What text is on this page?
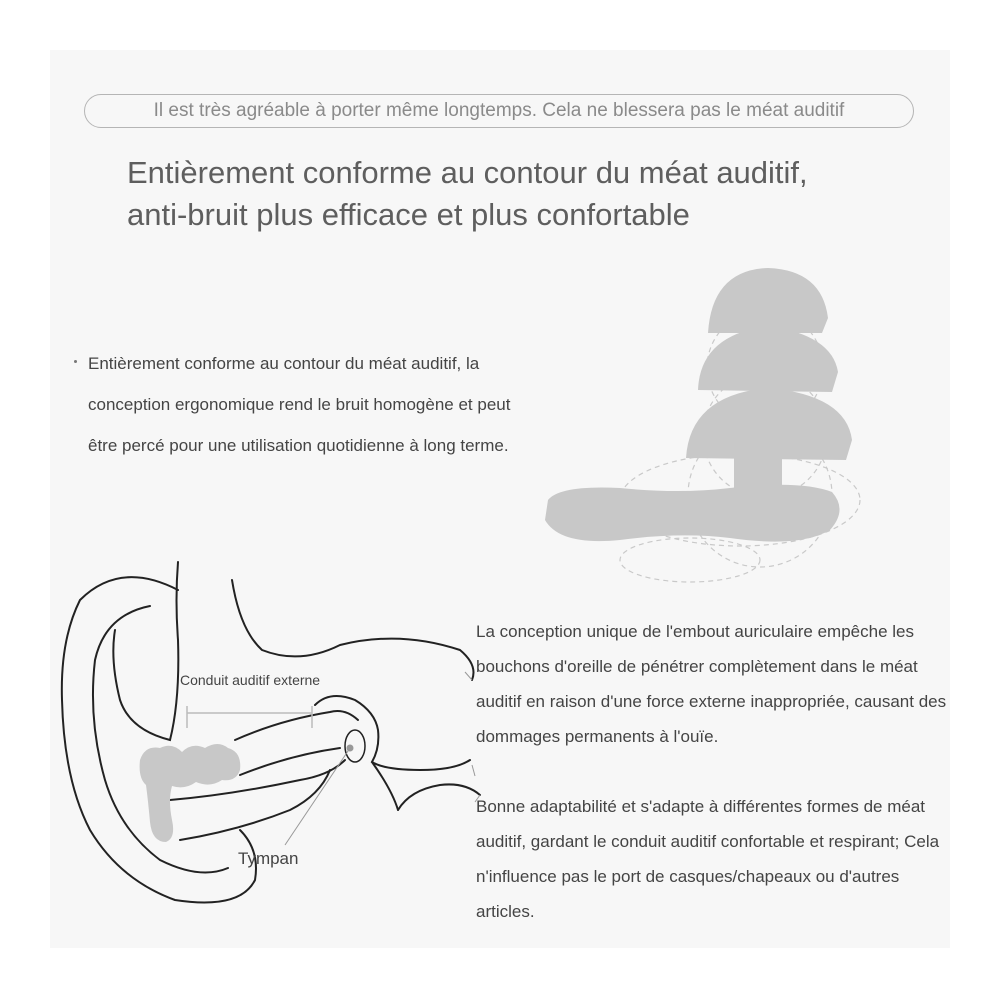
Il est très agréable à porter même longtemps. Cela ne blessera pas le méat auditif
Entièrement conforme au contour du méat auditif,
anti-bruit plus efficace et plus confortable

Entièrement conforme au contour du méat auditif, la conception ergonomique rend le bruit homogène et peut être percé pour une utilisation quotidienne à long terme.

La conception unique de l'embout auriculaire empêche les bouchons d'oreille de pénétrer complètement dans le méat auditif en raison d'une force externe inappropriée, causant des dommages permanents à l'ouïe.

Bonne adaptabilité et s'adapte à différentes formes de méat auditif, gardant le conduit auditif confortable et respirant; Cela n'influence pas le port de casques/chapeaux ou d'autres articles.

Conduit auditif externe
Tympan
